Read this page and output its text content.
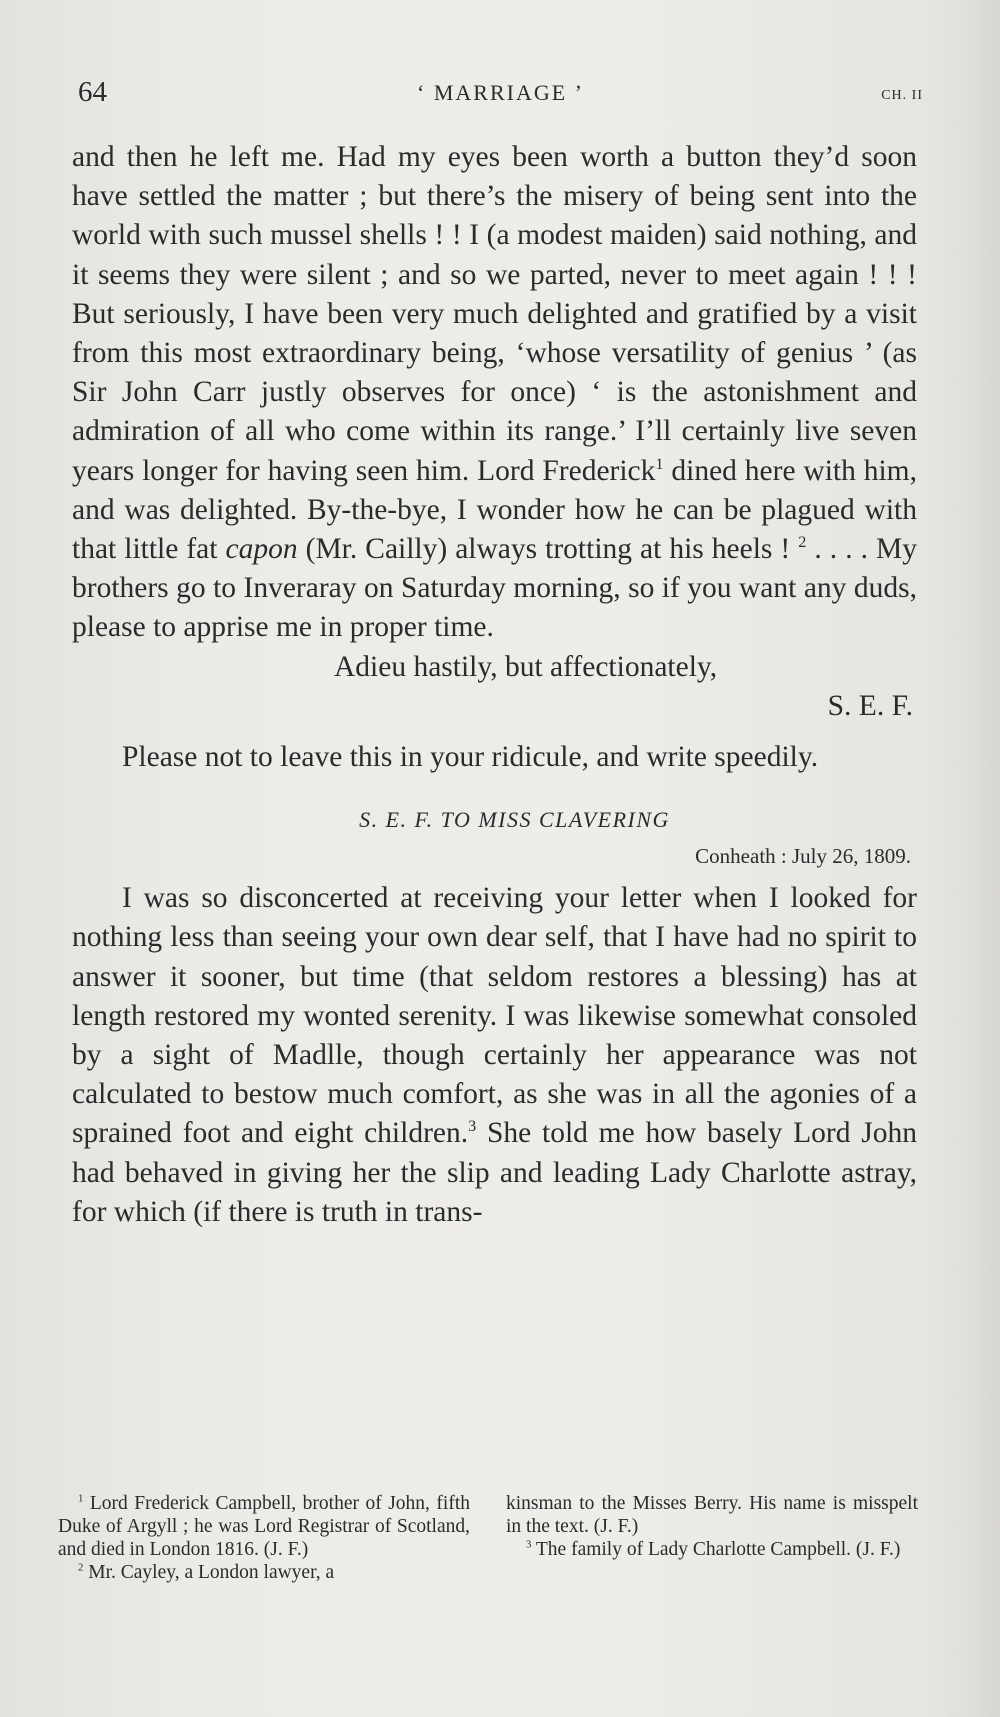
64	‘ MARRIAGE ’	CH. II

and then he left me. Had my eyes been worth a button they’d soon have settled the matter ; but there’s the misery of being sent into the world with such mussel shells ! ! I (a modest maiden) said nothing, and it seems they were silent ; and so we parted, never to meet again ! ! ! But seriously, I have been very much delighted and gratified by a visit from this most extraordinary being, ‘whose versatility of genius ’ (as Sir John Carr justly observes for once) ‘ is the astonishment and admiration of all who come within its range.’ I’ll certainly live seven years longer for having seen him. Lord Frederick$^1$ dined here with him, and was delighted. By-the-bye, I wonder how he can be plagued with that little fat capon (Mr. Cailly) always trotting at his heels ! $^2$ . . . . My brothers go to Inveraray on Saturday morning, so if you want any duds, please to apprise me in proper time.

Adieu hastily, but affectionately,

S. E. F.

Please not to leave this in your ridicule, and write speedily.

S. E. F. TO MISS CLAVERING

Conheath : July 26, 1809.

I was so disconcerted at receiving your letter when I looked for nothing less than seeing your own dear self, that I have had no spirit to answer it sooner, but time (that seldom restores a blessing) has at length restored my wonted serenity. I was likewise somewhat consoled by a sight of Madlle, though certainly her appearance was not calculated to bestow much comfort, as she was in all the agonies of a sprained foot and eight children.$^3$ She told me how basely Lord John had behaved in giving her the slip and leading Lady Charlotte astray, for which (if there is truth in trans-

$^1$ Lord Frederick Campbell, brother of John, fifth Duke of Argyll ; he was Lord Registrar of Scotland, and died in London 1816. (J. F.)

$^2$ Mr. Cayley, a London lawyer, a

kinsman to the Misses Berry. His name is misspelt in the text. (J. F.)

$^3$ The family of Lady Charlotte Campbell. (J. F.)
